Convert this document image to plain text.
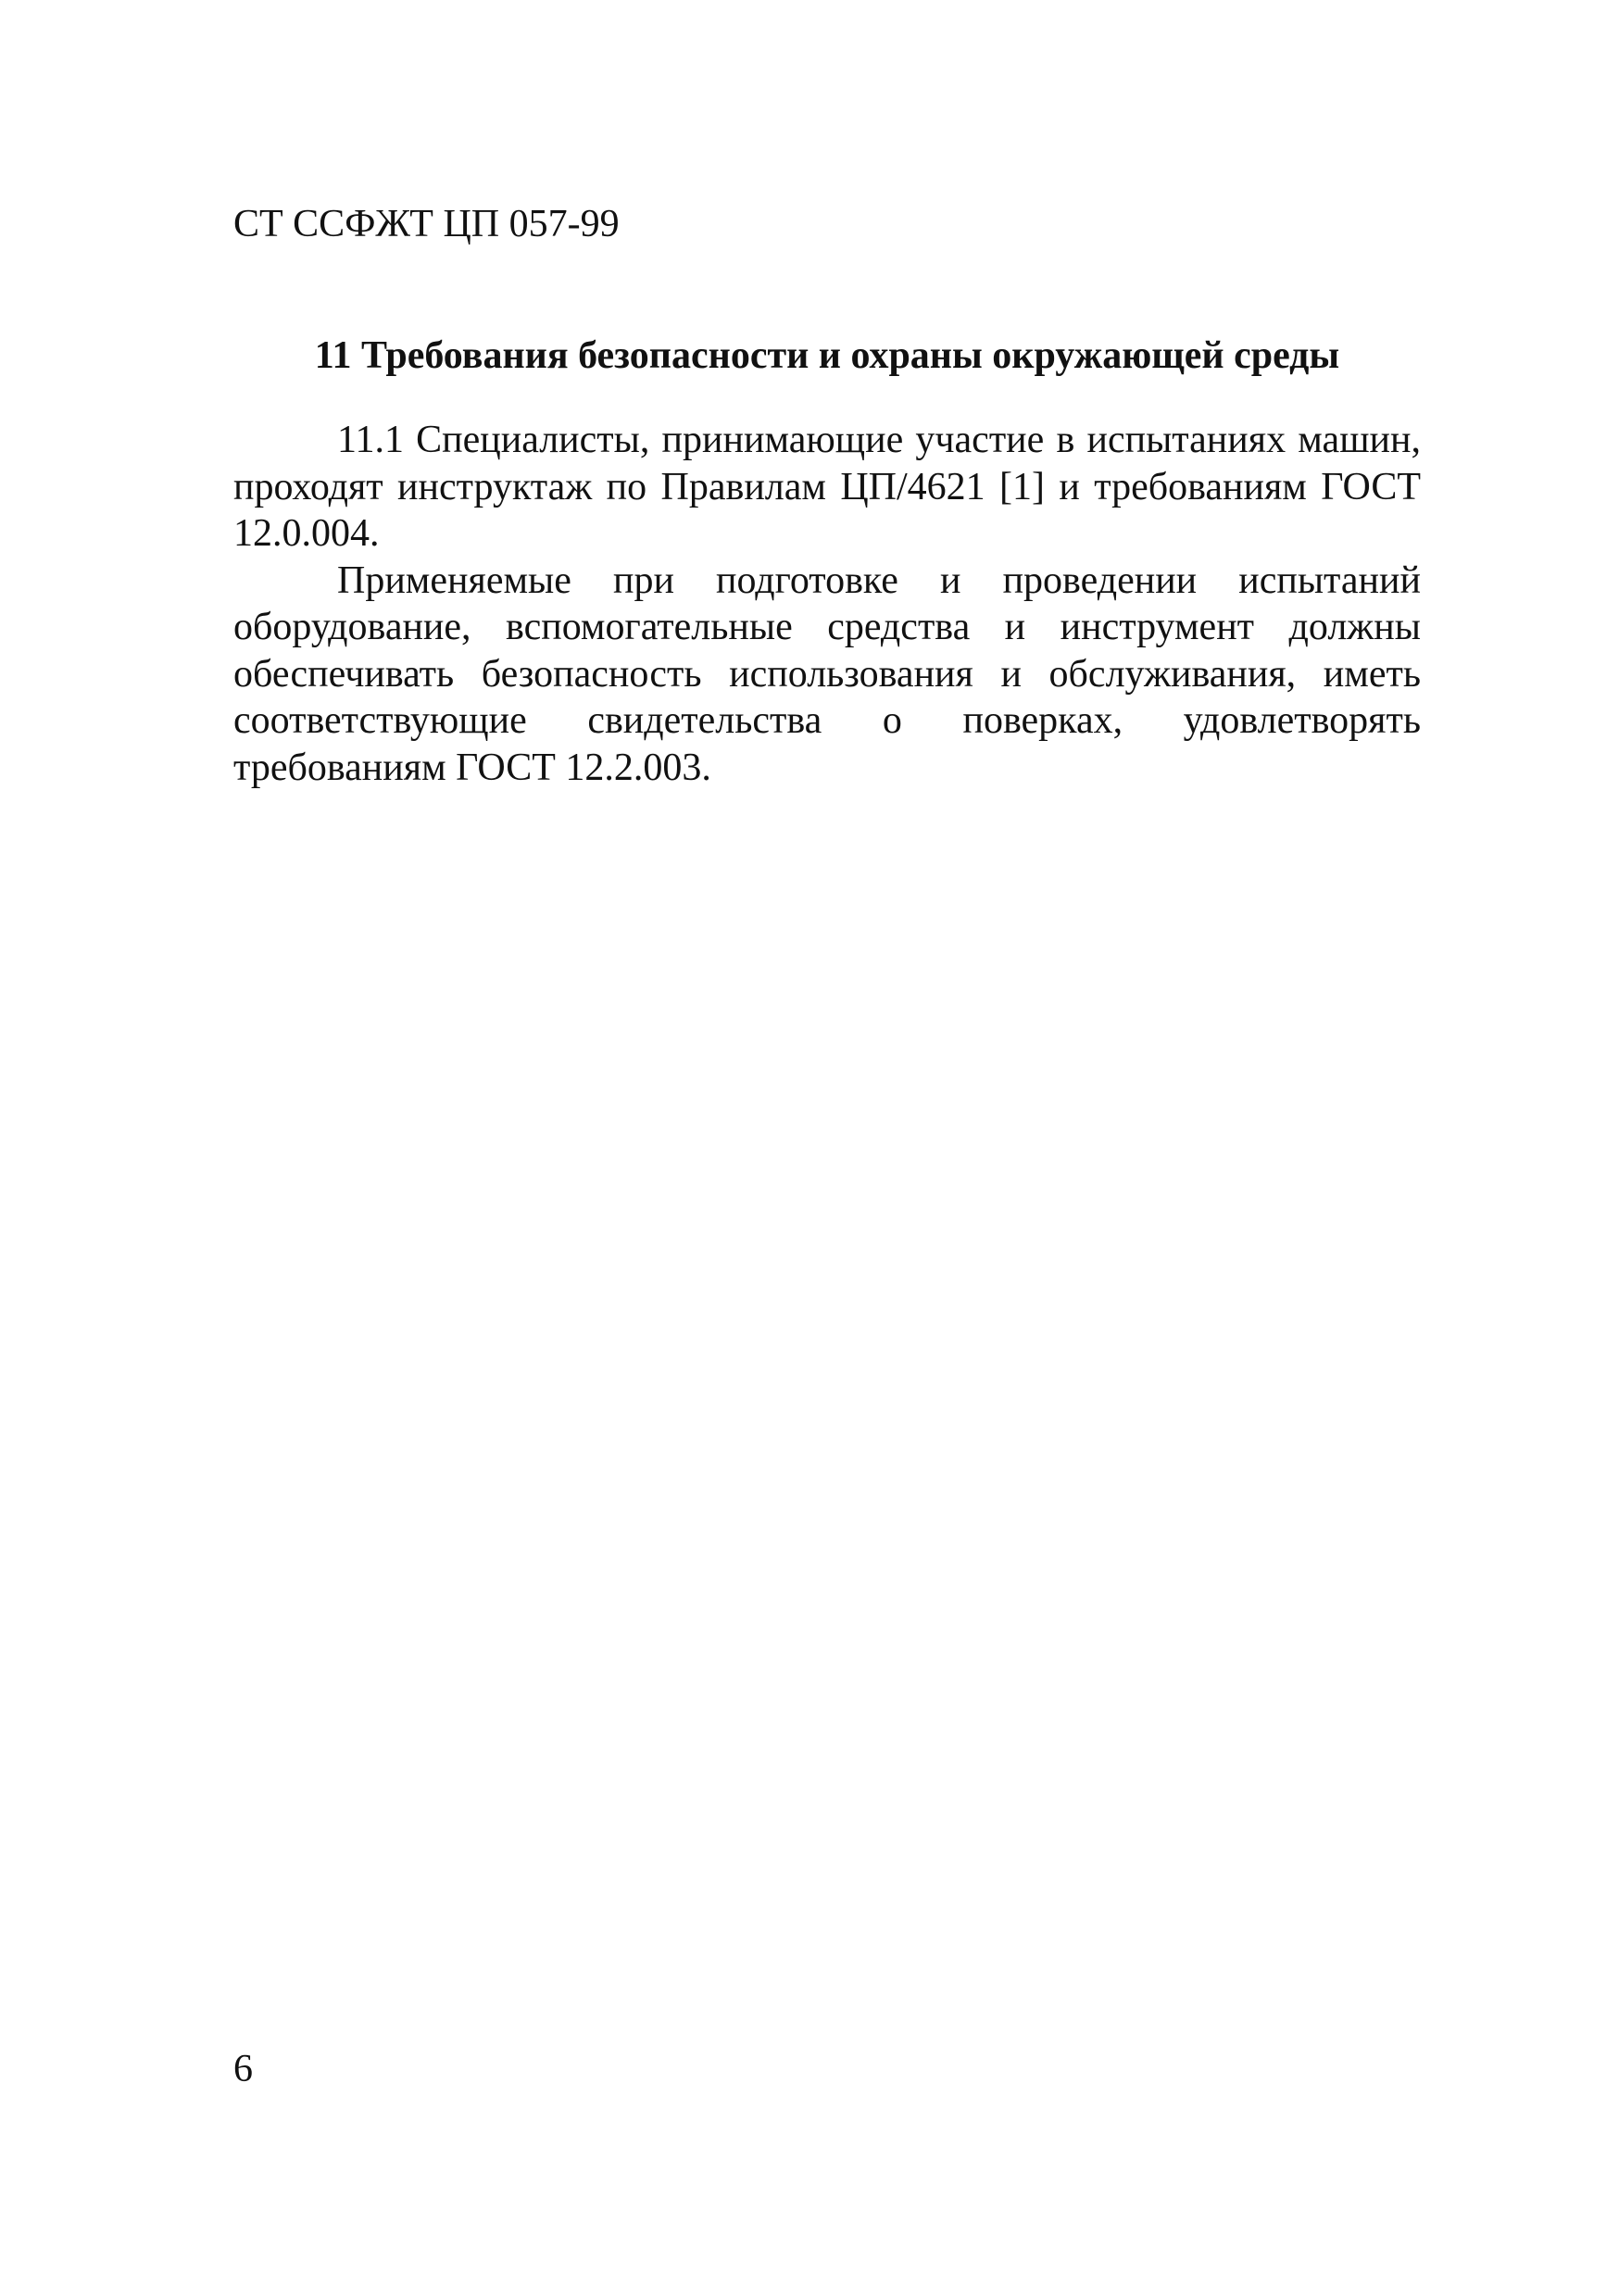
СТ ССФЖТ ЦП 057-99
11 Требования безопасности и охраны окружающей среды

11.1 Специалисты, принимающие участие в испытаниях машин, проходят инструктаж по Правилам ЦП/4621 [1] и требованиям ГОСТ 12.0.004.

Применяемые при подготовке и проведении испытаний оборудование, вспомогательные средства и инструмент должны обеспечивать безопасность использования и обслуживания, иметь соответствующие свидетельства о поверках, удовлетворять требованиям ГОСТ 12.2.003.

6
